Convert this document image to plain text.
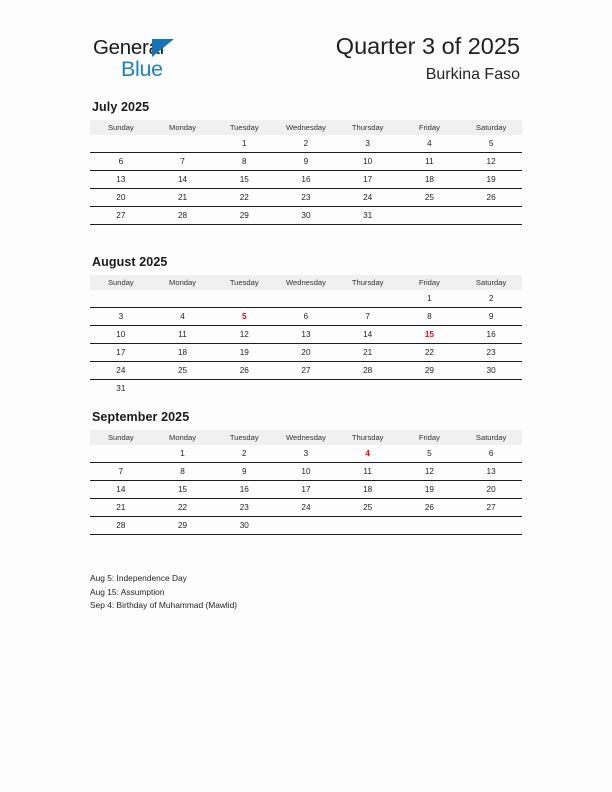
General
Blue
Quarter 3 of 2025
Burkina Faso
July 2025
Sunday	Monday	Tuesday	Wednesday	Thursday	Friday	Saturday
		1	2	3	4	5
6	7	8	9	10	11	12
13	14	15	16	17	18	19
20	21	22	23	24	25	26
27	28	29	30	31		
August 2025
Sunday	Monday	Tuesday	Wednesday	Thursday	Friday	Saturday
					1	2
3	4	5	6	7	8	9
10	11	12	13	14	15	16
17	18	19	20	21	22	23
24	25	26	27	28	29	30
31						
September 2025
Sunday	Monday	Tuesday	Wednesday	Thursday	Friday	Saturday
	1	2	3	4	5	6
7	8	9	10	11	12	13
14	15	16	17	18	19	20
21	22	23	24	25	26	27
28	29	30				
Aug 5: Independence Day
Aug 15: Assumption
Sep 4: Birthday of Muhammad (Mawlid)
